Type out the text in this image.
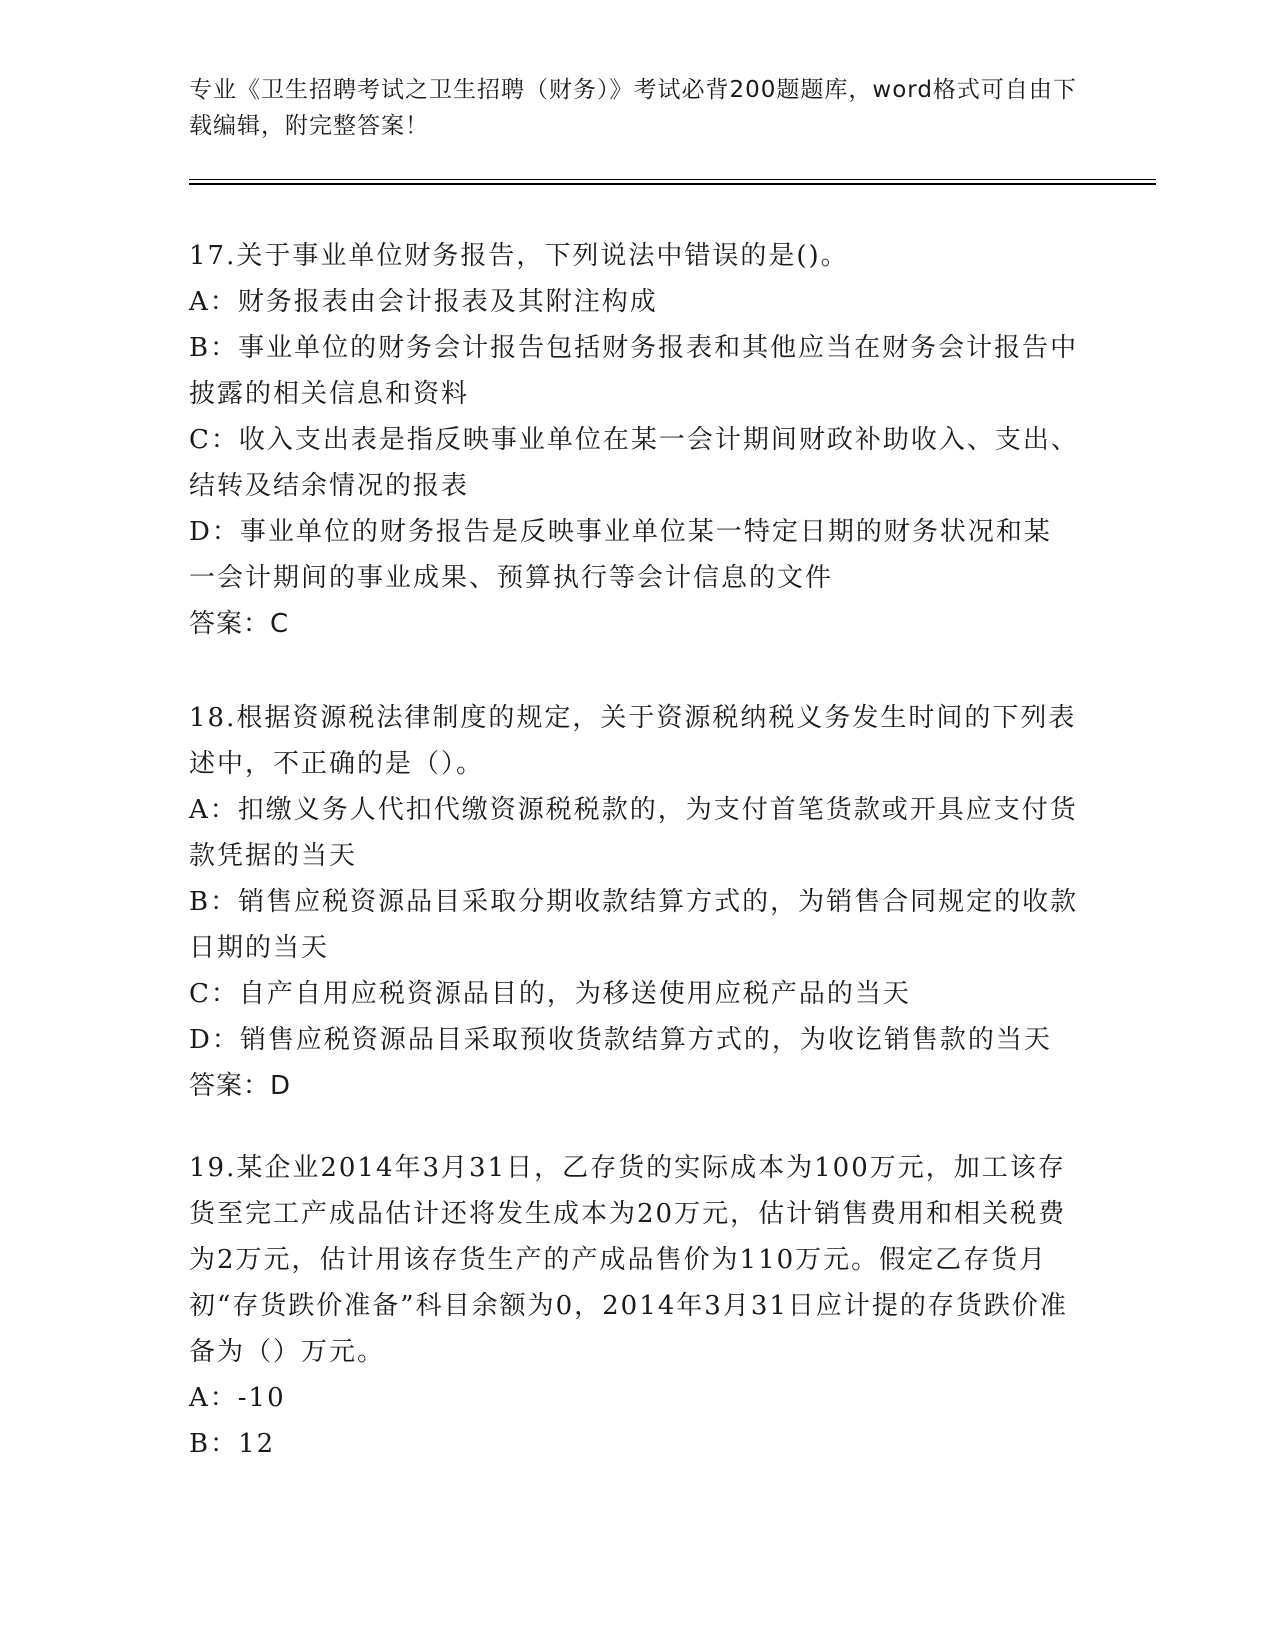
专业《卫生招聘考试之卫生招聘（财务）》考试必背200题题库，word格式可自由下载编辑，附完整答案！
17.关于事业单位财务报告，下列说法中错误的是()。
A：财务报表由会计报表及其附注构成
B：事业单位的财务会计报告包括财务报表和其他应当在财务会计报告中披露的相关信息和资料
C：收入支出表是指反映事业单位在某一会计期间财政补助收入、支出、结转及结余情况的报表
D：事业单位的财务报告是反映事业单位某一特定日期的财务状况和某一会计期间的事业成果、预算执行等会计信息的文件
答案：C
18.根据资源税法律制度的规定，关于资源税纳税义务发生时间的下列表述中，不正确的是（）。
A：扣缴义务人代扣代缴资源税税款的，为支付首笔货款或开具应支付货款凭据的当天
B：销售应税资源品目采取分期收款结算方式的，为销售合同规定的收款日期的当天
C：自产自用应税资源品目的，为移送使用应税产品的当天
D：销售应税资源品目采取预收货款结算方式的，为收讫销售款的当天
答案：D
19.某企业2014年3月31日，乙存货的实际成本为100万元，加工该存货至完工产成品估计还将发生成本为20万元，估计销售费用和相关税费为2万元，估计用该存货生产的产成品售价为110万元。假定乙存货月初“存货跌价准备”科目余额为0，2014年3月31日应计提的存货跌价准备为（）万元。
A：-10
B：12
